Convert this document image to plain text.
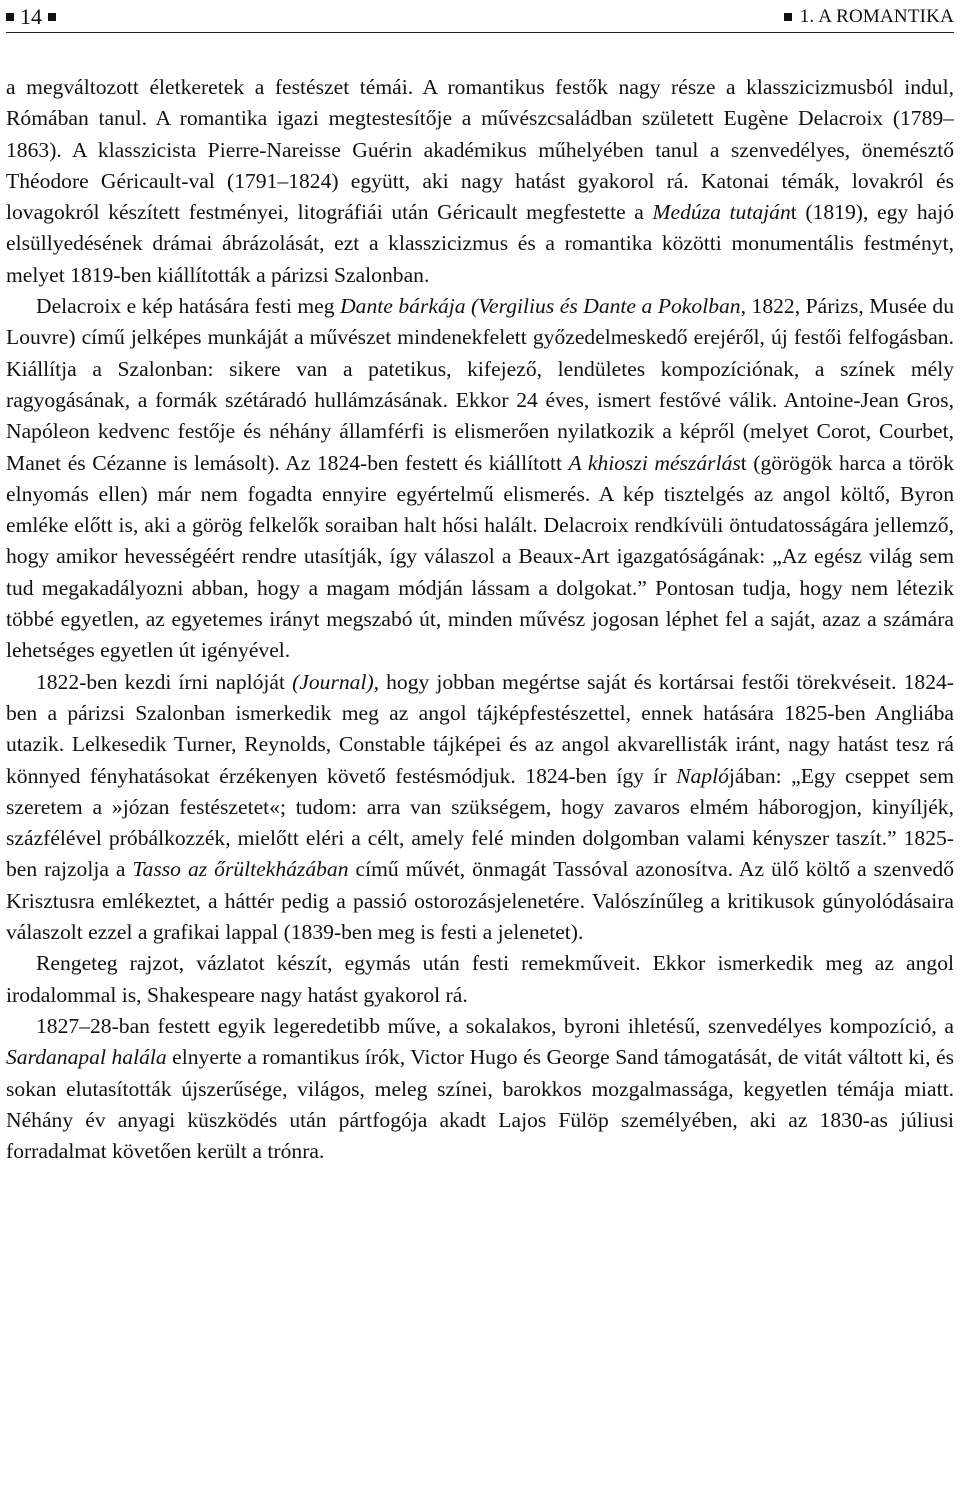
14	1. A ROMANTIKA

a megváltozott életkeretek a festészet témái. A romantikus festők nagy része a klasszicizmusból indul, Rómában tanul. A romantika igazi megtestesítője a művészcsaládban született Eugène Delacroix (1789–1863). A klasszicista Pierre-Nareisse Guérin akadémikus műhelyében tanul a szenvedélyes, önemésztő Théodore Géricault-val (1791–1824) együtt, aki nagy hatást gyakorol rá. Katonai témák, lovakról és lovagokról készített festményei, litográfiái után Géricault megfestette a Medúza tutajánt (1819), egy hajó elsüllyedésének drámai ábrázolását, ezt a klasszicizmus és a romantika közötti monumentális festményt, melyet 1819-ben kiállították a párizsi Szalonban.

Delacroix e kép hatására festi meg Dante bárkája (Vergilius és Dante a Pokolban, 1822, Párizs, Musée du Louvre) című jelképes munkáját a művészet mindenekfelett győzedelmeskedő erejéről, új festői felfogásban. Kiállítja a Szalonban: sikere van a patetikus, kifejező, lendületes kompozíciónak, a színek mély ragyogásának, a formák szétáradó hullámzásának. Ekkor 24 éves, ismert festővé válik. Antoine-Jean Gros, Napóleon kedvenc festője és néhány államférfi is elismerően nyilatkozik a képről (melyet Corot, Courbet, Manet és Cézanne is lemásolt). Az 1824-ben festett és kiállított A khioszi mészárlást (görögök harca a török elnyomás ellen) már nem fogadta ennyire egyértelmű elismerés. A kép tisztelgés az angol költő, Byron emléke előtt is, aki a görög felkelők soraiban halt hősi halált. Delacroix rendkívüli öntudatosságára jellemző, hogy amikor hevességéért rendre utasítják, így válaszol a Beaux-Art igazgatóságának: „Az egész világ sem tud megakadályozni abban, hogy a magam módján lássam a dolgokat.” Pontosan tudja, hogy nem létezik többé egyetlen, az egyetemes irányt megszabó út, minden művész jogosan léphet fel a saját, azaz a számára lehetséges egyetlen út igényével.

1822-ben kezdi írni naplóját (Journal), hogy jobban megértse saját és kortársai festői törekvéseit. 1824-ben a párizsi Szalonban ismerkedik meg az angol tájképfestészettel, ennek hatására 1825-ben Angliába utazik. Lelkesedik Turner, Reynolds, Constable tájképei és az angol akvarellisták iránt, nagy hatást tesz rá könnyed fényhatásokat érzékenyen követő festésmódjuk. 1824-ben így ír Naplójában: „Egy cseppet sem szeretem a »józan festészetet«; tudom: arra van szükségem, hogy zavaros elmém háborogjon, kinyíljék, százfélével próbálkozzék, mielőtt eléri a célt, amely felé minden dolgomban valami kényszer taszít.” 1825-ben rajzolja a Tasso az őrültekházában című művét, önmagát Tassóval azonosítva. Az ülő költő a szenvedő Krisztusra emlékeztet, a háttér pedig a passió ostorozásjelenetére. Valószínűleg a kritikusok gúnyolódásaira válaszolt ezzel a grafikai lappal (1839-ben meg is festi a jelenetet).

Rengeteg rajzot, vázlatot készít, egymás után festi remekműveit. Ekkor ismerkedik meg az angol irodalommal is, Shakespeare nagy hatást gyakorol rá.

1827–28-ban festett egyik legeredetibb műve, a sokalakos, byroni ihletésű, szenvedélyes kompozíció, a Sardanapal halála elnyerte a romantikus írók, Victor Hugo és George Sand támogatását, de vitát váltott ki, és sokan elutasították újszerűsége, világos, meleg színei, barokkos mozgalmassága, kegyetlen témája miatt. Néhány év anyagi küszködés után pártfogója akadt Lajos Fülöp személyében, aki az 1830-as júliusi forradalmat követően került a trónra.
